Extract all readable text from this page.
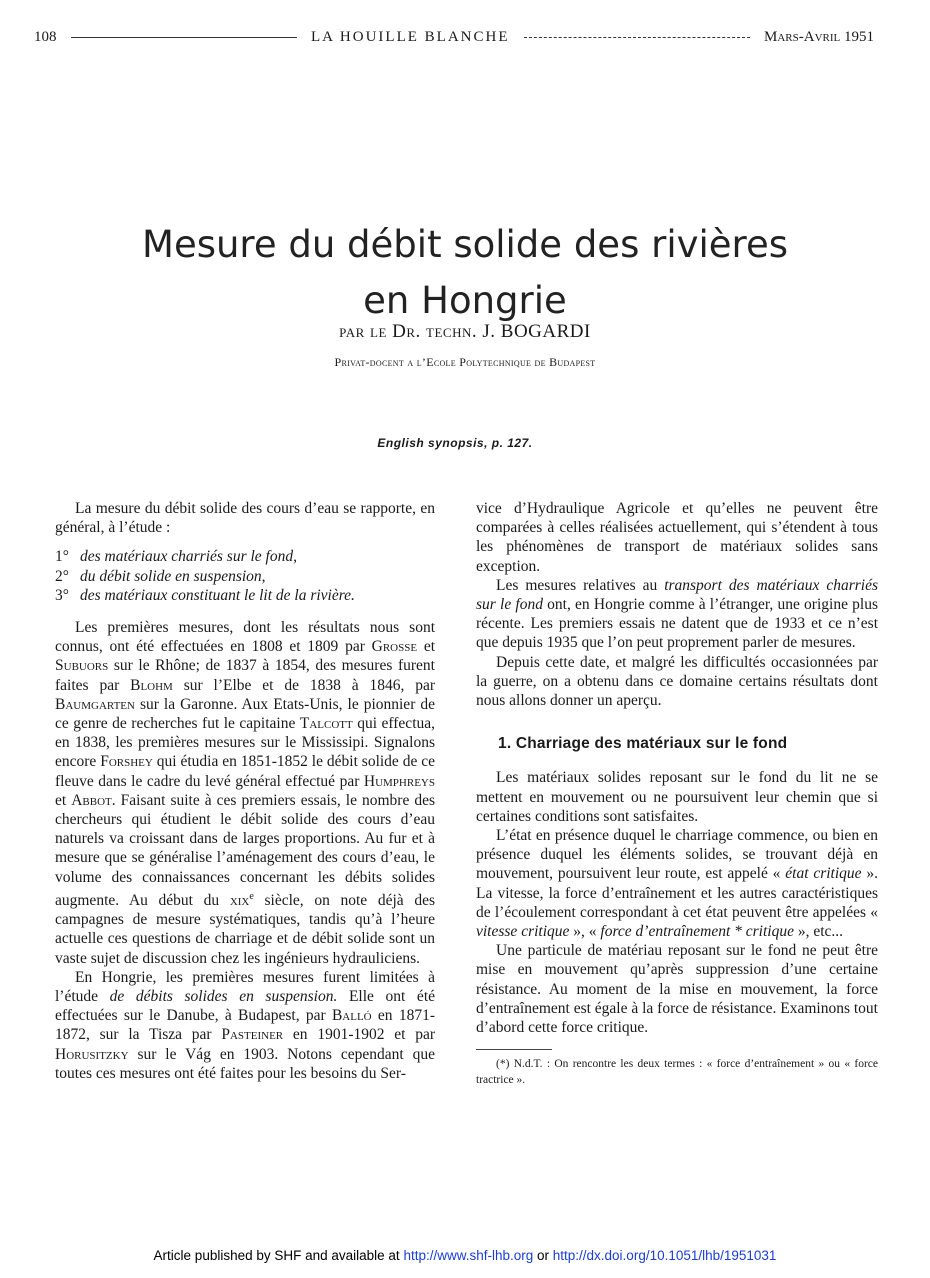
108	LA HOUILLE BLANCHE	Mars-Avril 1951
Mesure du débit solide des rivières
en Hongrie
par le Dr. techn. J. BOGARDI
Privat-docent a l’Ecole Polytechnique de Budapest
English synopsis, p. 127.

La mesure du débit solide des cours d’eau se rapporte, en général, à l’étude :

1° des matériaux charriés sur le fond,
2° du débit solide en suspension,
3° des matériaux constituant le lit de la rivière.

Les premières mesures, dont les résultats nous sont connus, ont été effectuées en 1808 et 1809 par Grosse et Subuors sur le Rhône; de 1837 à 1854, des mesures furent faites par Blohm sur l’Elbe et de 1838 à 1846, par Baumgarten sur la Garonne. Aux Etats-Unis, le pionnier de ce genre de recherches fut le capitaine Talcott qui effectua, en 1838, les premières mesures sur le Mississipi. Signalons encore Forshey qui étudia en 1851-1852 le débit solide de ce fleuve dans le cadre du levé général effectué par Humphreys et Abbot. Faisant suite à ces premiers essais, le nombre des chercheurs qui étudient le débit solide des cours d’eau naturels va croissant dans de larges proportions. Au fur et à mesure que se généralise l’aménagement des cours d’eau, le volume des connaissances concernant les débits solides augmente. Au début du xix$^e$ siècle, on note déjà des campagnes de mesure systématiques, tandis qu’à l’heure actuelle ces questions de charriage et de débit solide sont un vaste sujet de discussion chez les ingénieurs hydrauliciens.

En Hongrie, les premières mesures furent limitées à l’étude de débits solides en suspension. Elle ont été effectuées sur le Danube, à Budapest, par Balló en 1871-1872, sur la Tisza par Pasteiner en 1901-1902 et par Horusitzky sur le Vág en 1903. Notons cependant que toutes ces mesures ont été faites pour les besoins du Ser-

vice d’Hydraulique Agricole et qu’elles ne peuvent être comparées à celles réalisées actuellement, qui s’étendent à tous les phénomènes de transport de matériaux solides sans exception.

Les mesures relatives au transport des matériaux charriés sur le fond ont, en Hongrie comme à l’étranger, une origine plus récente. Les premiers essais ne datent que de 1933 et ce n’est que depuis 1935 que l’on peut proprement parler de mesures.

Depuis cette date, et malgré les difficultés occasionnées par la guerre, on a obtenu dans ce domaine certains résultats dont nous allons donner un aperçu.

1. Charriage des matériaux sur le fond

Les matériaux solides reposant sur le fond du lit ne se mettent en mouvement ou ne poursuivent leur chemin que si certaines conditions sont satisfaites.

L’état en présence duquel le charriage commence, ou bien en présence duquel les éléments solides, se trouvant déjà en mouvement, poursuivent leur route, est appelé « état critique ». La vitesse, la force d’entraînement et les autres caractéristiques de l’écoulement correspondant à cet état peuvent être appelées « vitesse critique », « force d’entraînement * critique », etc...

Une particule de matériau reposant sur le fond ne peut être mise en mouvement qu’après suppression d’une certaine résistance. Au moment de la mise en mouvement, la force d’entraînement est égale à la force de résistance. Examinons tout d’abord cette force critique.

(*) N.d.T. : On rencontre les deux termes : « force d’entraînement » ou « force tractrice ».

Article published by SHF and available at http://www.shf-lhb.org or http://dx.doi.org/10.1051/lhb/1951031
